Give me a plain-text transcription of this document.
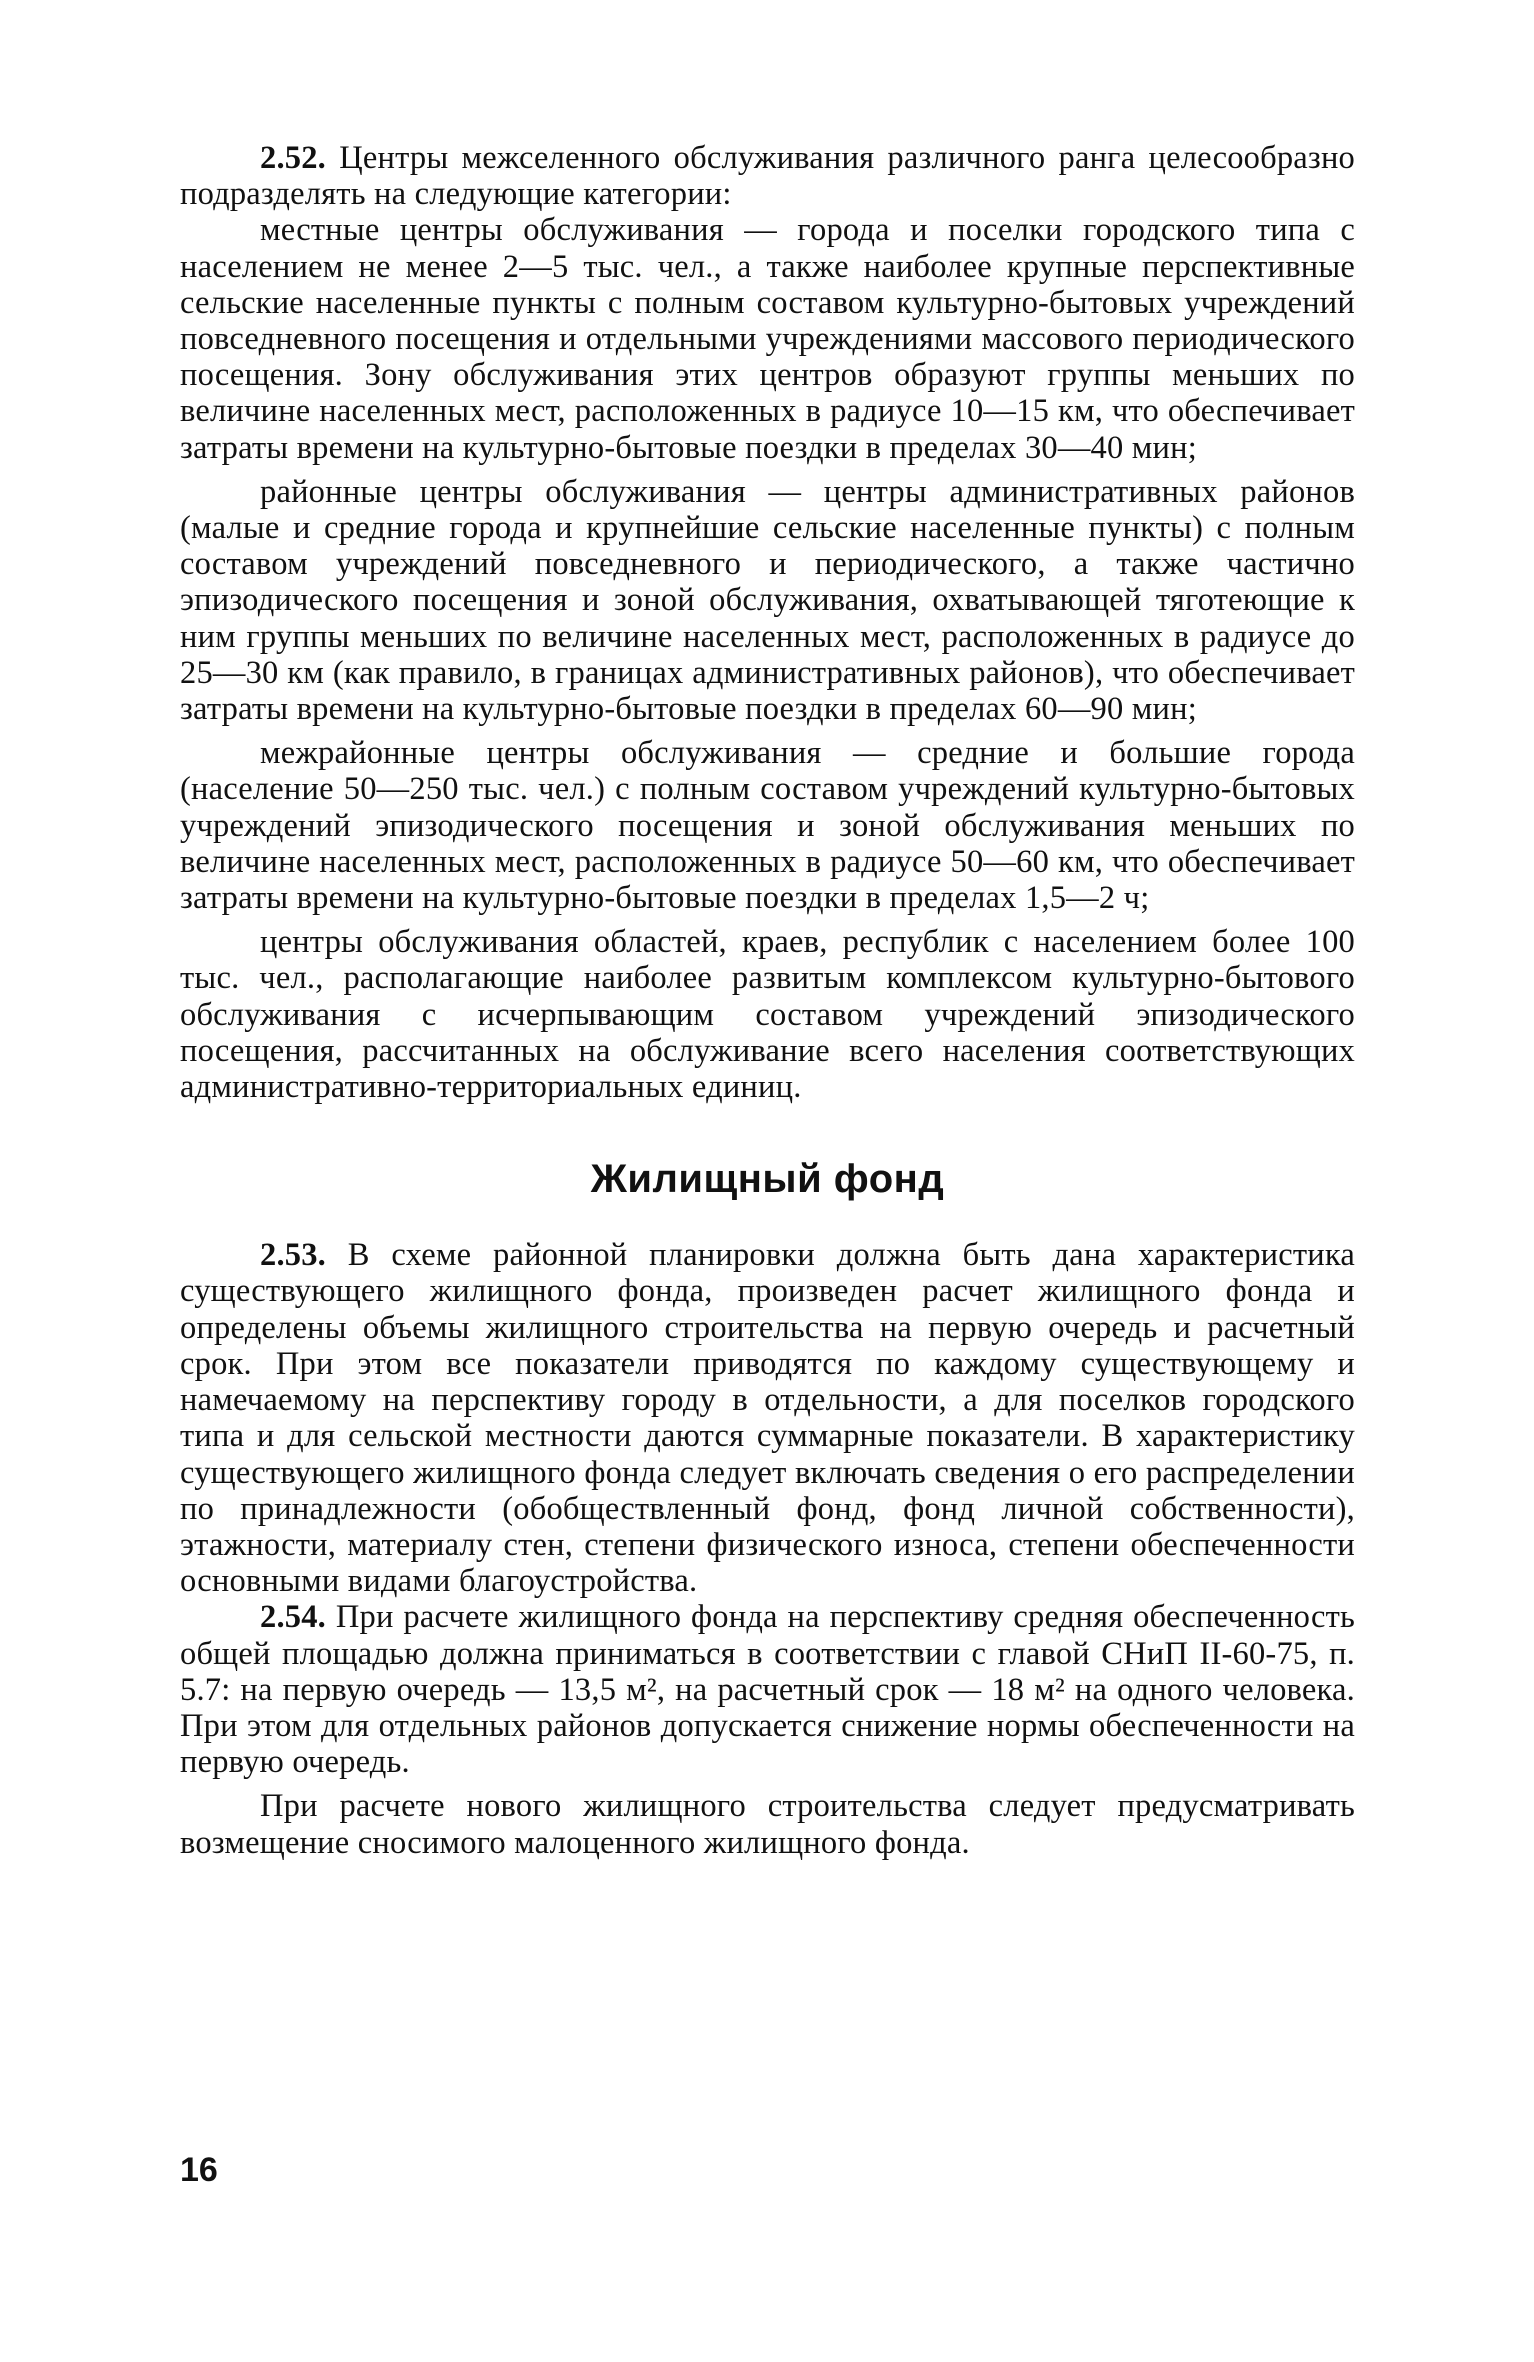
2.52. Центры межселенного обслуживания различного ранга целесообразно подразделять на следующие категории:

местные центры обслуживания — города и поселки городского типа с населением не менее 2—5 тыс. чел., а также наиболее крупные перспективные сельские населенные пункты с полным составом культурно-бытовых учреждений повседневного посещения и отдельными учреждениями массового периодического посещения. Зону обслуживания этих центров образуют группы меньших по величине населенных мест, расположенных в радиусе 10—15 км, что обеспечивает затраты времени на культурно-бытовые поездки в пределах 30—40 мин;

районные центры обслуживания — центры административных районов (малые и средние города и крупнейшие сельские населенные пункты) с полным составом учреждений повседневного и периодического, а также частично эпизодического посещения и зоной обслуживания, охватывающей тяготеющие к ним группы меньших по величине населенных мест, расположенных в радиусе до 25—30 км (как правило, в границах административных районов), что обеспечивает затраты времени на культурно-бытовые поездки в пределах 60—90 мин;

межрайонные центры обслуживания — средние и большие города (население 50—250 тыс. чел.) с полным составом учреждений культурно-бытовых учреждений эпизодического посещения и зоной обслуживания меньших по величине населенных мест, расположенных в радиусе 50—60 км, что обеспечивает затраты времени на культурно-бытовые поездки в пределах 1,5—2 ч;

центры обслуживания областей, краев, республик с населением более 100 тыс. чел., располагающие наиболее развитым комплексом культурно-бытового обслуживания с исчерпывающим составом учреждений эпизодического посещения, рассчитанных на обслуживание всего населения соответствующих административно-территориальных единиц.

Жилищный фонд

2.53. В схеме районной планировки должна быть дана характеристика существующего жилищного фонда, произведен расчет жилищного фонда и определены объемы жилищного строительства на первую очередь и расчетный срок. При этом все показатели приводятся по каждому существующему и намечаемому на перспективу городу в отдельности, а для поселков городского типа и для сельской местности даются суммарные показатели. В характеристику существующего жилищного фонда следует включать сведения о его распределении по принадлежности (обобществленный фонд, фонд личной собственности), этажности, материалу стен, степени физического износа, степени обеспеченности основными видами благоустройства.

2.54. При расчете жилищного фонда на перспективу средняя обеспеченность общей площадью должна приниматься в соответствии с главой СНиП II-60-75, п. 5.7: на первую очередь — 13,5 м², на расчетный срок — 18 м² на одного человека. При этом для отдельных районов допускается снижение нормы обеспеченности на первую очередь.

При расчете нового жилищного строительства следует предусматривать возмещение сносимого малоценного жилищного фонда.

16
